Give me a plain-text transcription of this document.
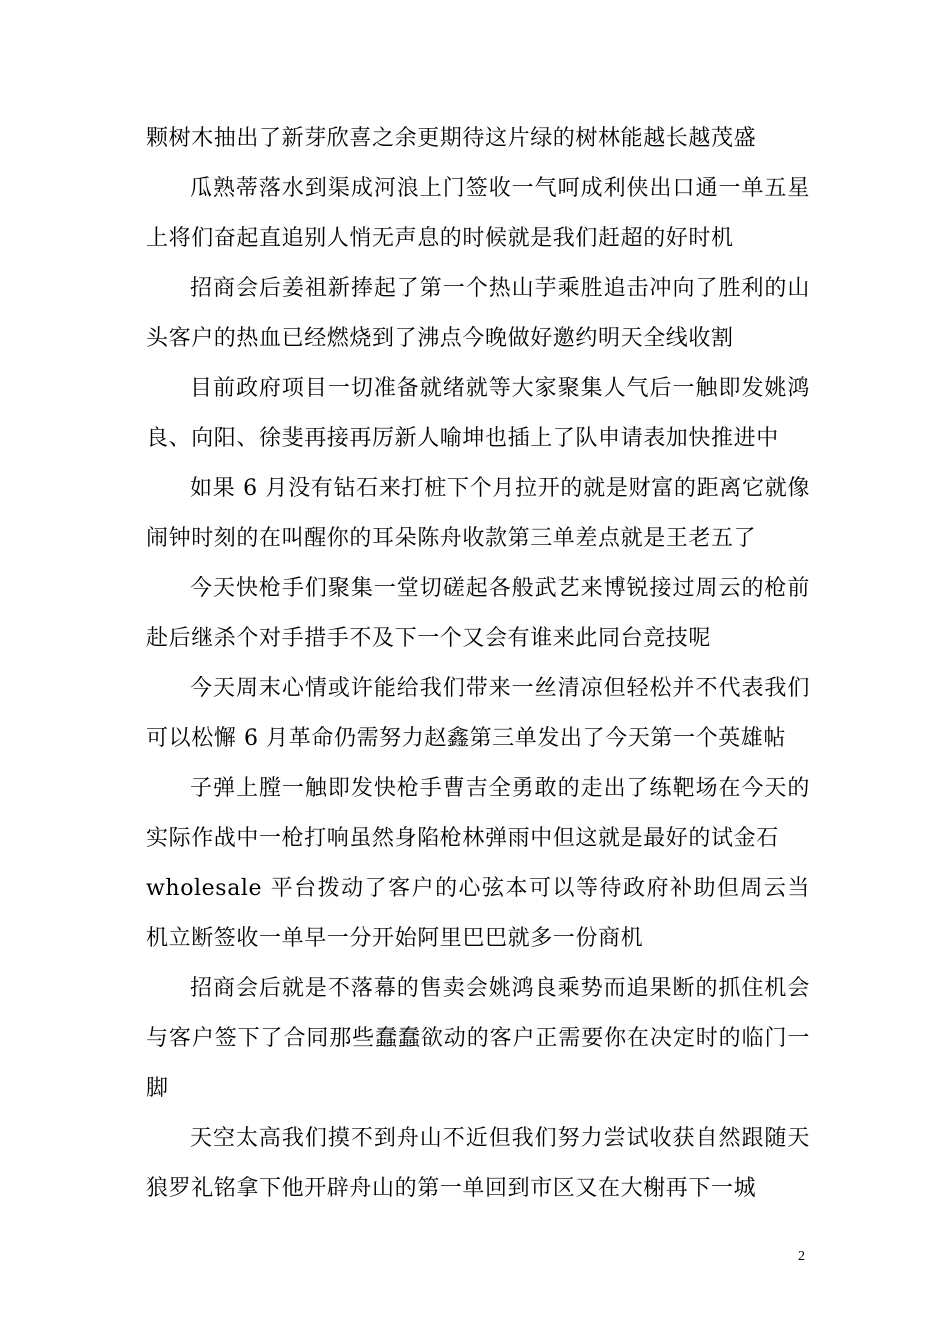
颗树木抽出了新芽欣喜之余更期待这片绿的树林能越长越茂盛

瓜熟蒂落水到渠成河浪上门签收一气呵成利侠出口通一单五星上将们奋起直追别人悄无声息的时候就是我们赶超的好时机

招商会后姜祖新捧起了第一个热山芋乘胜追击冲向了胜利的山头客户的热血已经燃烧到了沸点今晚做好邀约明天全线收割

目前政府项目一切准备就绪就等大家聚集人气后一触即发姚鸿良、向阳、徐斐再接再厉新人喻坤也插上了队申请表加快推进中

如果 6 月没有钻石来打桩下个月拉开的就是财富的距离它就像闹钟时刻的在叫醒你的耳朵陈舟收款第三单差点就是王老五了

今天快枪手们聚集一堂切磋起各般武艺来博锐接过周云的枪前赴后继杀个对手措手不及下一个又会有谁来此同台竞技呢

今天周末心情或许能给我们带来一丝清凉但轻松并不代表我们可以松懈 6 月革命仍需努力赵鑫第三单发出了今天第一个英雄帖

子弹上膛一触即发快枪手曹吉全勇敢的走出了练靶场在今天的实际作战中一枪打响虽然身陷枪林弹雨中但这就是最好的试金石

wholesale 平台拨动了客户的心弦本可以等待政府补助但周云当机立断签收一单早一分开始阿里巴巴就多一份商机

招商会后就是不落幕的售卖会姚鸿良乘势而追果断的抓住机会与客户签下了合同那些蠢蠢欲动的客户正需要你在决定时的临门一脚

天空太高我们摸不到舟山不近但我们努力尝试收获自然跟随天狼罗礼铭拿下他开辟舟山的第一单回到市区又在大榭再下一城

2
